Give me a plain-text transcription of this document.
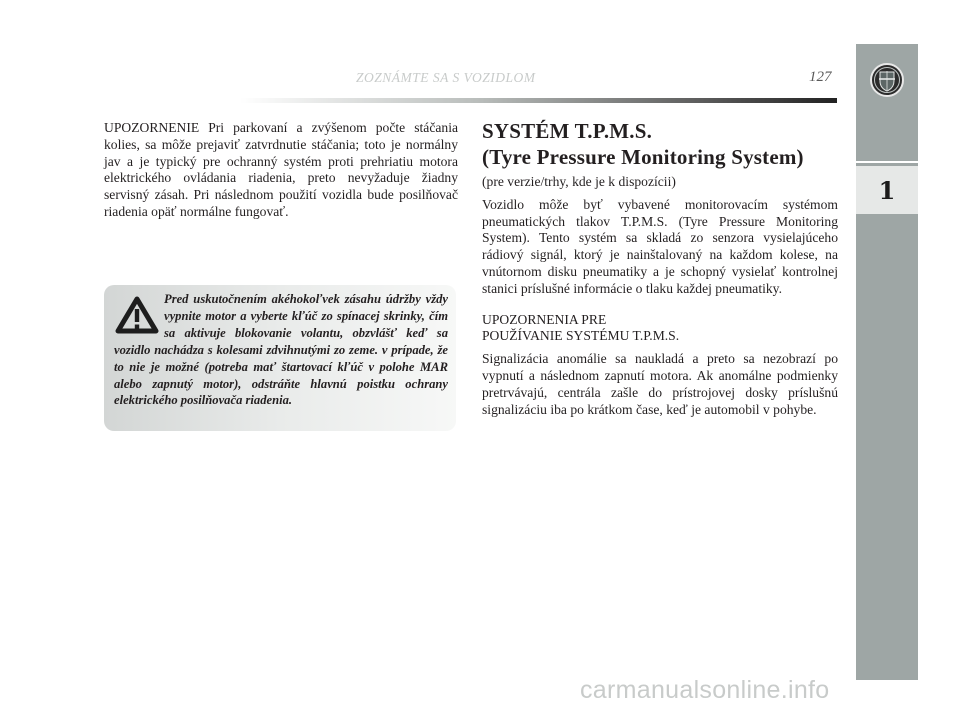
ZOZNÁMTE SA S VOZIDLOM	127
1

UPOZORNENIE Pri parkovaní a zvýšenom počte stáčania kolies, sa môže prejaviť zatvrdnutie stáčania; toto je normálny jav a je typický pre ochranný systém proti prehriatiu motora elektrického ovládania riadenia, preto nevyžaduje žiadny servisný zásah. Pri následnom použití vozidla bude posilňovač riadenia opäť normálne fungovať.

Pred uskutočnením akéhokoľvek zásahu údržby vždy vypnite motor a vyberte kľúč zo spínacej skrinky, čím sa aktivuje blokovanie volantu, obzvlášť keď sa vozidlo nachádza s kolesami zdvihnutými zo zeme. v prípade, že to nie je možné (potreba mať štartovací kľúč v polohe MAR alebo zapnutý motor), odstráňte hlavnú poistku ochrany elektrického posilňovača riadenia.

SYSTÉM T.P.M.S.
(Tyre Pressure Monitoring System)

(pre verzie/trhy, kde je k dispozícii)

Vozidlo môže byť vybavené monitorovacím systémom pneumatických tlakov T.P.M.S. (Tyre Pressure Monitoring System). Tento systém sa skladá zo senzora vysielajúceho rádiový signál, ktorý je nainštalovaný na každom kolese, na vnútornom disku pneumatiky a je schopný vysielať kontrolnej stanici príslušné informácie o tlaku každej pneumatiky.

UPOZORNENIA PRE
POUŽÍVANIE SYSTÉMU T.P.M.S.

Signalizácia anomálie sa naukladá a preto sa nezobrazí po vypnutí a následnom zapnutí motora. Ak anomálne podmienky pretrvávajú, centrála zašle do prístrojovej dosky príslušnú signalizáciu iba po krátkom čase, keď je automobil v pohybe.

carmanualsonline.info
